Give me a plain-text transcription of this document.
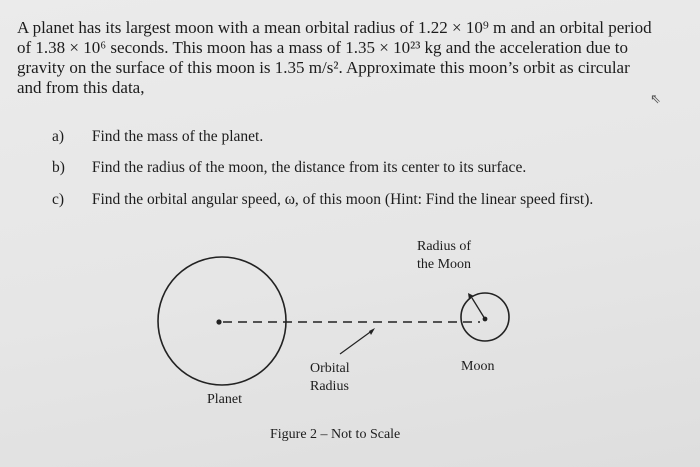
A planet has its largest moon with a mean orbital radius of 1.22 × 10⁹ m and an orbital period
of 1.38 × 10⁶ seconds. This moon has a mass of 1.35 × 10²³ kg and the acceleration due to
gravity on the surface of this moon is 1.35 m/s². Approximate this moon’s orbit as circular
and from this data,

⇖
a) Find the mass of the planet.
b) Find the radius of the moon, the distance from its center to its surface.
c) Find the orbital angular speed, ω, of this moon (Hint: Find the linear speed first).
Radius of
the Moon
Orbital
Radius
Moon
Planet
Figure 2 – Not to Scale
